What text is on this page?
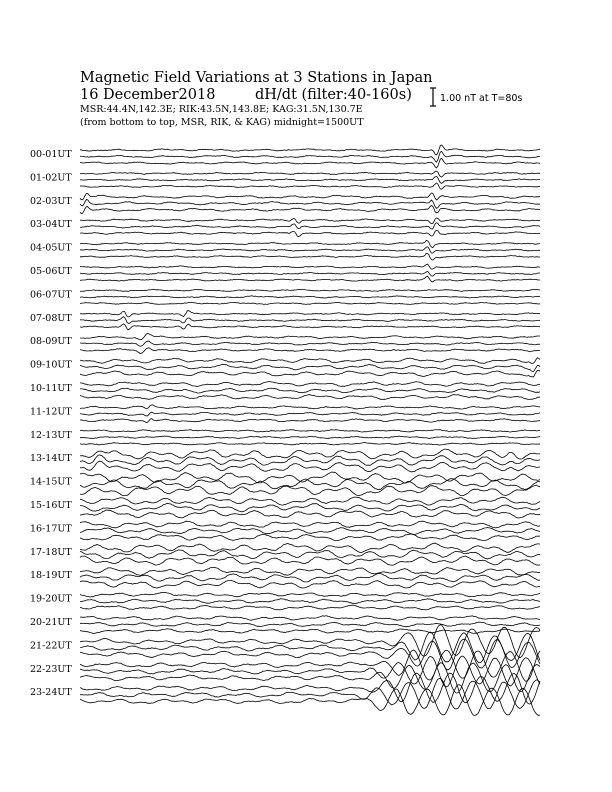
Magnetic Field Variations at 3 Stations in Japan
16 December2018	dH/dt (filter:40-160s)
MSR:44.4N,142.3E; RIK:43.5N,143.8E; KAG:31.5N,130.7E
(from bottom to top, MSR, RIK, & KAG) midnight=1500UT
1.00 nT at T=80s
00-01UT
01-02UT
02-03UT
03-04UT
04-05UT
05-06UT
06-07UT
07-08UT
08-09UT
09-10UT
10-11UT
11-12UT
12-13UT
13-14UT
14-15UT
15-16UT
16-17UT
17-18UT
18-19UT
19-20UT
20-21UT
21-22UT
22-23UT
23-24UT
